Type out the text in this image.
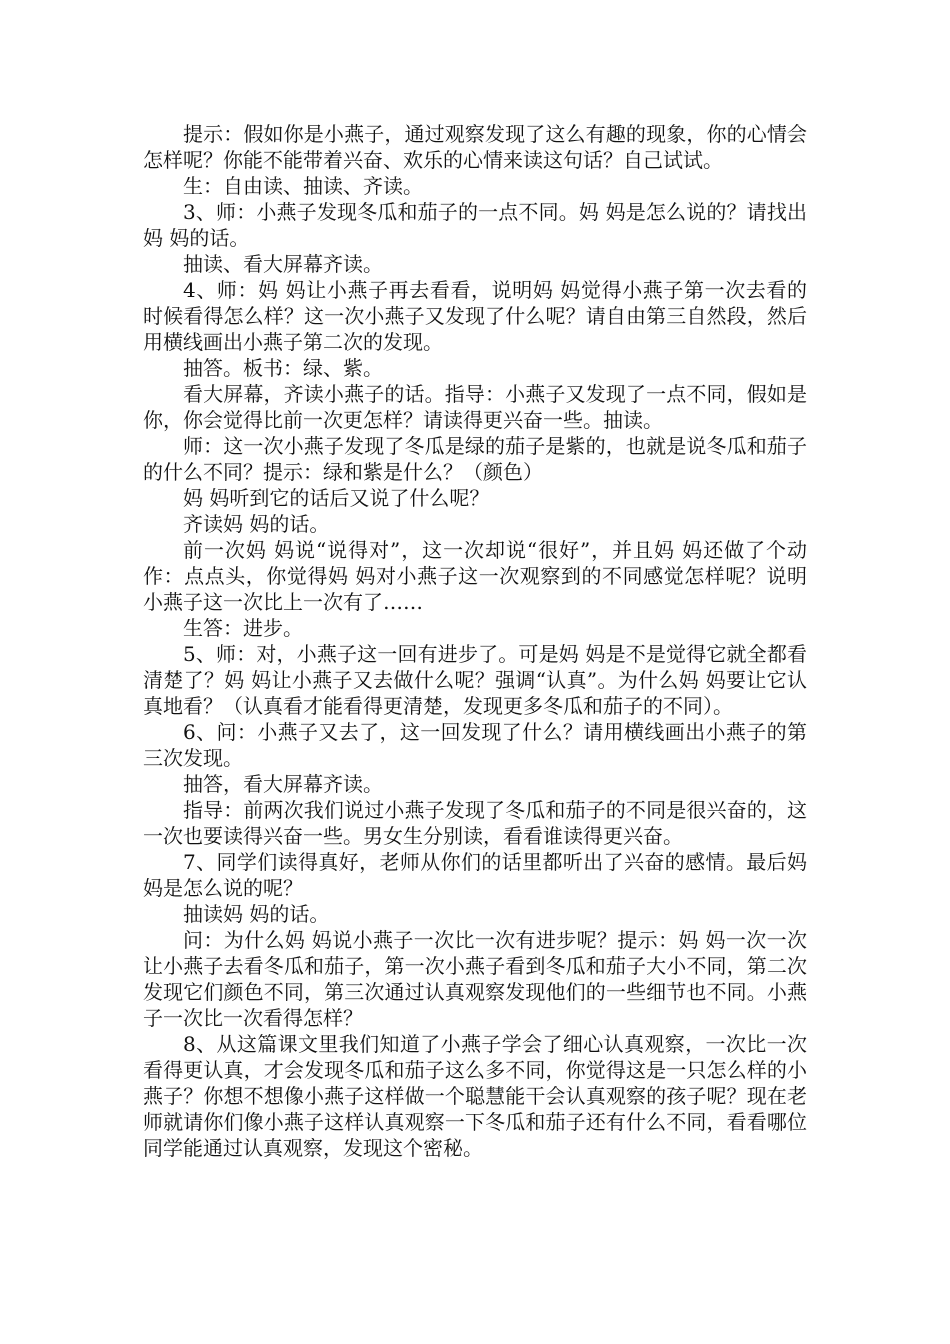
提示：假如你是小燕子，通过观察发现了这么有趣的现象，你的心情会怎样呢？你能不能带着兴奋、欢乐的心情来读这句话？自己试试。

生：自由读、抽读、齐读。

3、师：小燕子发现冬瓜和茄子的一点不同。妈 妈是怎么说的？请找出妈 妈的话。

抽读、看大屏幕齐读。

4、师：妈 妈让小燕子再去看看，说明妈 妈觉得小燕子第一次去看的时候看得怎么样？这一次小燕子又发现了什么呢？请自由第三自然段，然后用横线画出小燕子第二次的发现。

抽答。板书：绿、紫。

看大屏幕，齐读小燕子的话。指导：小燕子又发现了一点不同，假如是你，你会觉得比前一次更怎样？请读得更兴奋一些。抽读。

师：这一次小燕子发现了冬瓜是绿的茄子是紫的，也就是说冬瓜和茄子的什么不同？提示：绿和紫是什么？（颜色）

妈 妈听到它的话后又说了什么呢？

齐读妈 妈的话。

前一次妈 妈说“说得对”，这一次却说“很好”，并且妈 妈还做了个动作：点点头，你觉得妈 妈对小燕子这一次观察到的不同感觉怎样呢？说明小燕子这一次比上一次有了……

生答：进步。

5、师：对，小燕子这一回有进步了。可是妈 妈是不是觉得它就全都看清楚了？妈 妈让小燕子又去做什么呢？强调“认真”。为什么妈 妈要让它认真地看？（认真看才能看得更清楚，发现更多冬瓜和茄子的不同）。

6、问：小燕子又去了，这一回发现了什么？请用横线画出小燕子的第三次发现。

抽答，看大屏幕齐读。

指导：前两次我们说过小燕子发现了冬瓜和茄子的不同是很兴奋的，这一次也要读得兴奋一些。男女生分别读，看看谁读得更兴奋。

7、同学们读得真好，老师从你们的话里都听出了兴奋的感情。最后妈 妈是怎么说的呢？

抽读妈 妈的话。

问：为什么妈 妈说小燕子一次比一次有进步呢？提示：妈 妈一次一次让小燕子去看冬瓜和茄子，第一次小燕子看到冬瓜和茄子大小不同，第二次发现它们颜色不同，第三次通过认真观察发现他们的一些细节也不同。小燕子一次比一次看得怎样？

8、从这篇课文里我们知道了小燕子学会了细心认真观察，一次比一次看得更认真，才会发现冬瓜和茄子这么多不同，你觉得这是一只怎么样的小燕子？你想不想像小燕子这样做一个聪慧能干会认真观察的孩子呢？现在老师就请你们像小燕子这样认真观察一下冬瓜和茄子还有什么不同，看看哪位同学能通过认真观察，发现这个密秘。
